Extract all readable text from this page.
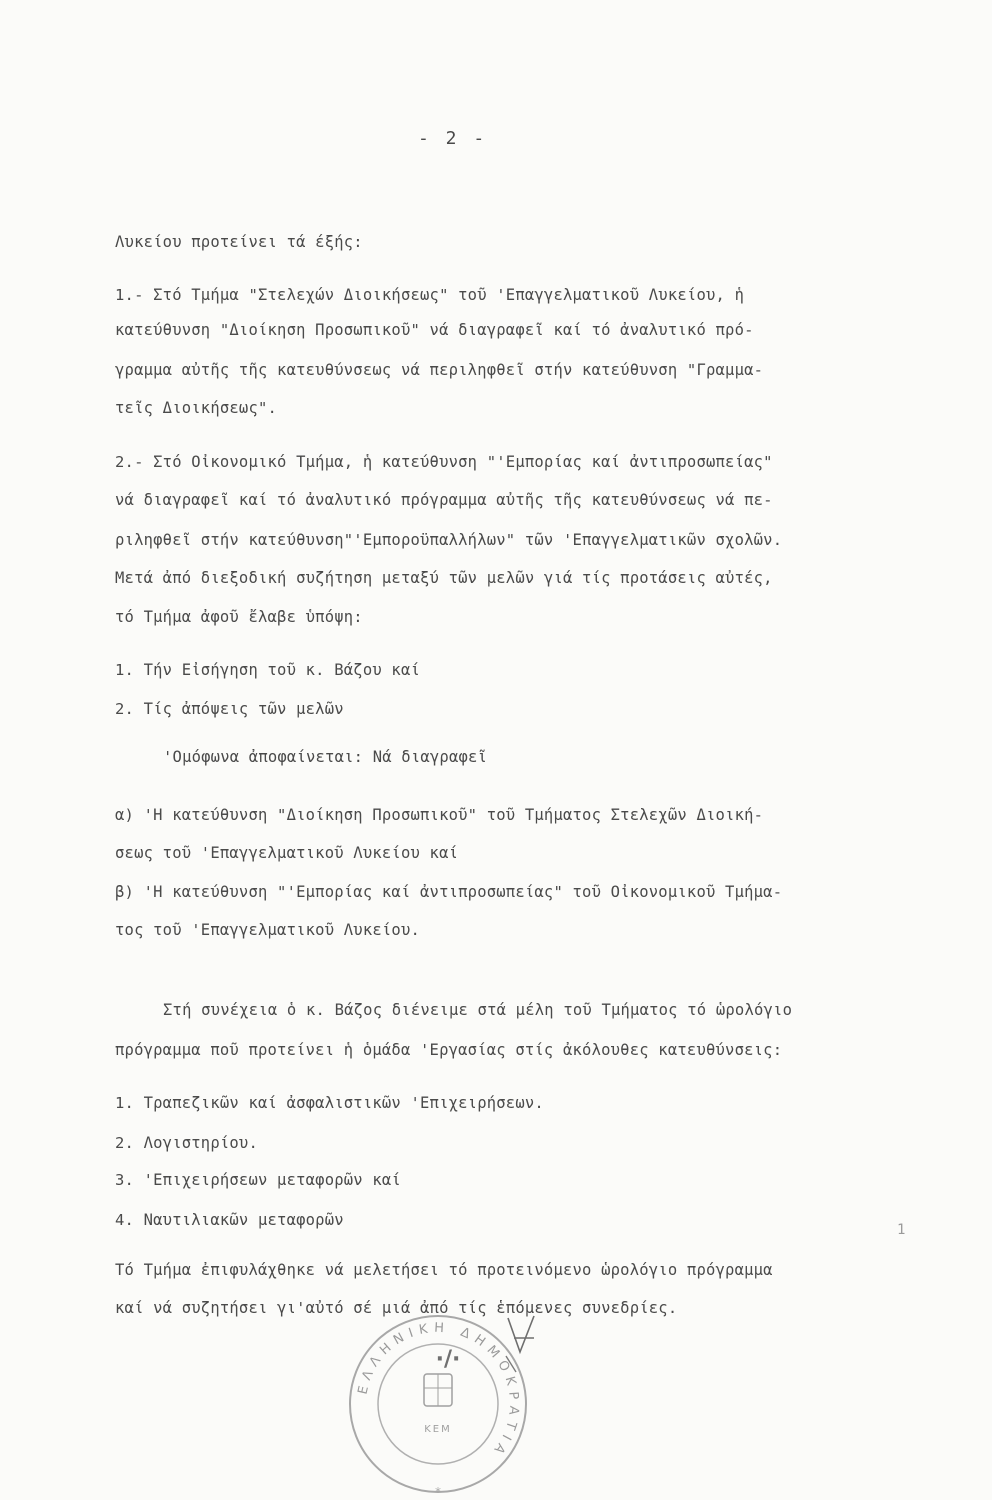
- 2 -
Λυκείου προτείνει τά έξής:
1.- Στό Τμήμα "Στελεχών Διοικήσεως" τοῦ 'Επαγγελματικοῦ Λυκείου, ἡ
κατεύθυνση "Διοίκηση Προσωπικοῦ" νά διαγραφεῖ καί τό ἀναλυτικό πρό-
γραμμα αὐτῆς τῆς κατευθύνσεως νά περιληφθεῖ στήν κατεύθυνση "Γραμμα-
τεῖς Διοικήσεως".
2.- Στό Οἰκονομικό Τμήμα, ἡ κατεύθυνση "'Εμπορίας καί ἀντιπροσωπείας"
νά διαγραφεῖ καί τό ἀναλυτικό πρόγραμμα αὐτῆς τῆς κατευθύνσεως νά πε-
ριληφθεῖ στήν κατεύθυνση"'Εμποροϋπαλλήλων" τῶν 'Επαγγελματικῶν σχολῶν.
Μετά ἀπό διεξοδική συζήτηση μεταξύ τῶν μελῶν γιά τίς προτάσεις αὐτές,
τό Τμήμα ἀφοῦ ἔλαβε ὑπόψη:
1. Τήν Εἰσήγηση τοῦ κ. Βάζου καί
2. Τίς ἀπόψεις τῶν μελῶν
'Ομόφωνα ἀποφαίνεται: Νά διαγραφεῖ
α) 'Η κατεύθυνση "Διοίκηση Προσωπικοῦ" τοῦ Τμήματος Στελεχῶν Διοική-
σεως τοῦ 'Επαγγελματικοῦ Λυκείου καί
β) 'Η κατεύθυνση "'Εμπορίας καί ἀντιπροσωπείας" τοῦ Οἰκονομικοῦ Τμήμα-
τος τοῦ 'Επαγγελματικοῦ Λυκείου.
Στή συνέχεια ὁ κ. Βάζος διένειμε στά μέλη τοῦ Τμήματος τό ὡρολόγιο
πρόγραμμα ποῦ προτείνει ἡ ὁμάδα 'Εργασίας στίς ἀκόλουθες κατευθύνσεις:
1. Τραπεζικῶν καί ἀσφαλιστικῶν 'Επιχειρήσεων.
2. Λογιστηρίου.
3. 'Επιχειρήσεων μεταφορῶν καί
4. Ναυτιλιακῶν μεταφορῶν
Τό Τμήμα ἐπιφυλάχθηκε νά μελετήσει τό προτεινόμενο ὡρολόγιο πρόγραμμα
καί νά συζητήσει γι'αὐτό σέ μιά ἀπό τίς ἑπόμενες συνεδρίες.
1
ΕΛΛΗΝΙΚΗ ΔΗΜΟΚΡΑΤΙΑ
ΚΕΜ
*
·/·
